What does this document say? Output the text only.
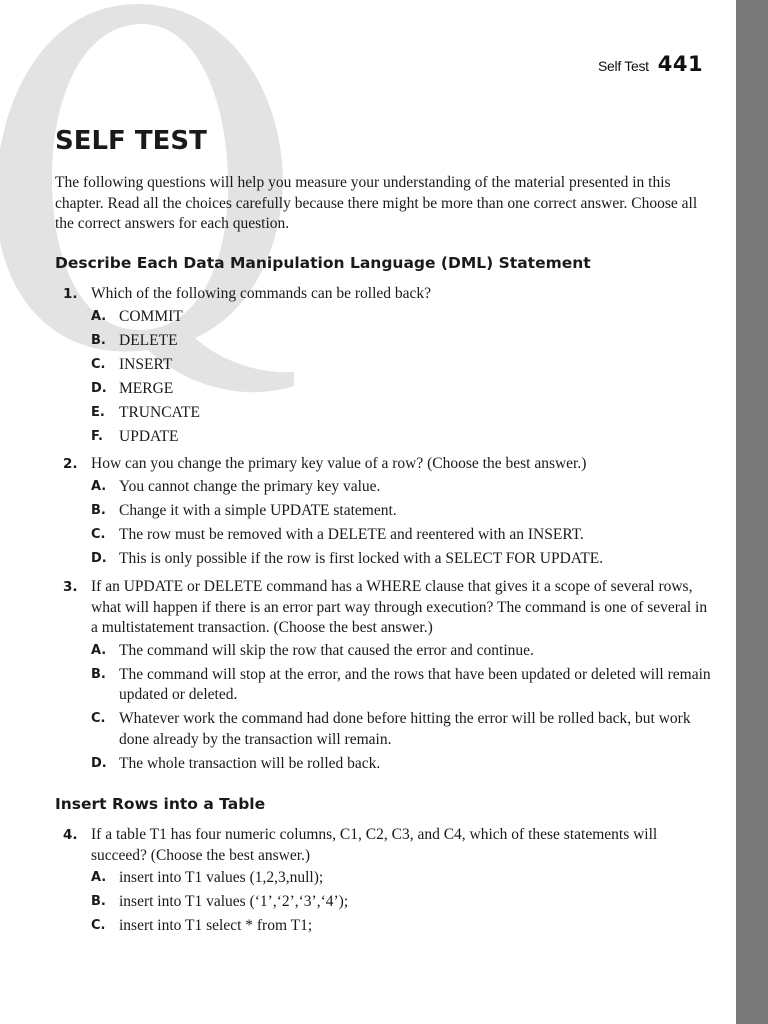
Self Test 441
SELF TEST

The following questions will help you measure your understanding of the material presented in this chapter. Read all the choices carefully because there might be more than one correct answer. Choose all the correct answers for each question.

Describe Each Data Manipulation Language (DML) Statement
1. Which of the following commands can be rolled back?
A. COMMIT
B. DELETE
C. INSERT
D. MERGE
E. TRUNCATE
F. UPDATE
2. How can you change the primary key value of a row? (Choose the best answer.)
A. You cannot change the primary key value.
B. Change it with a simple UPDATE statement.
C. The row must be removed with a DELETE and reentered with an INSERT.
D. This is only possible if the row is first locked with a SELECT FOR UPDATE.
3. If an UPDATE or DELETE command has a WHERE clause that gives it a scope of several rows, what will happen if there is an error part way through execution? The command is one of several in a multistatement transaction. (Choose the best answer.)
A. The command will skip the row that caused the error and continue.
B. The command will stop at the error, and the rows that have been updated or deleted will remain updated or deleted.
C. Whatever work the command had done before hitting the error will be rolled back, but work done already by the transaction will remain.
D. The whole transaction will be rolled back.
Insert Rows into a Table
4. If a table T1 has four numeric columns, C1, C2, C3, and C4, which of these statements will succeed? (Choose the best answer.)
A. insert into T1 values (1,2,3,null);
B. insert into T1 values (‘1’,‘2’,‘3’,‘4’);
C. insert into T1 select * from T1;
